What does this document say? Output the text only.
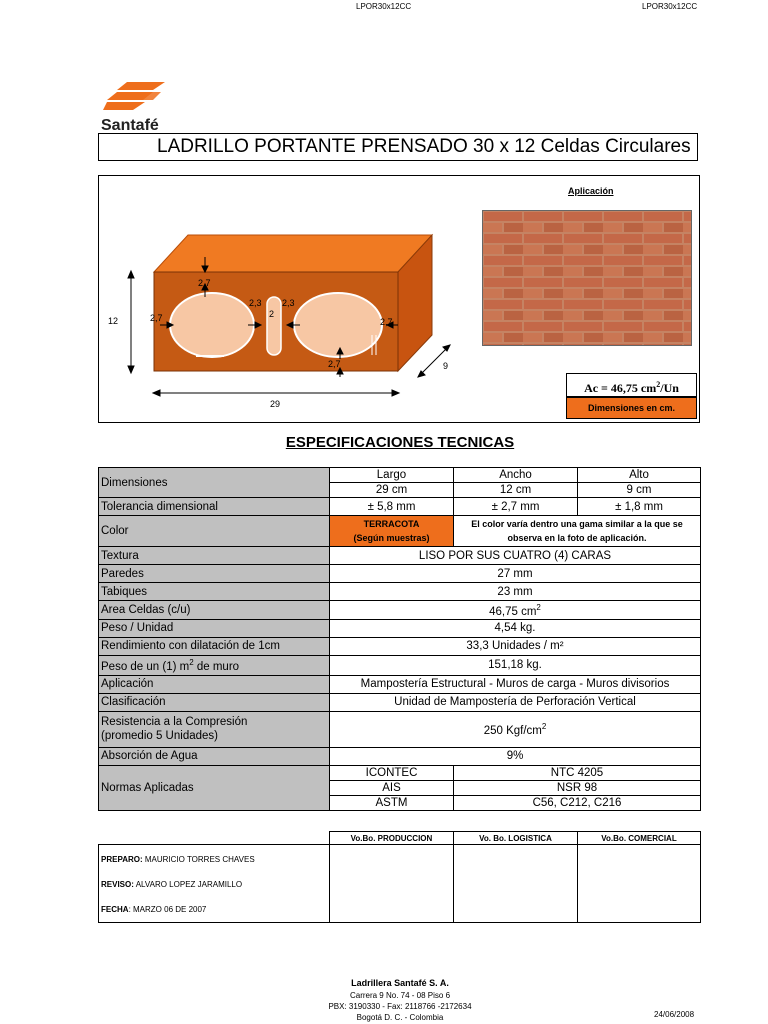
LPOR30x12CC	LPOR30x12CC
Santafé
LADRILLO PORTANTE PRENSADO 30 x 12 Celdas Circulares
12
29
9
2,7
2,7	2,7
2,7
2,3 2,3
2
Aplicación
Ac = 46,75 $cm^2/Un$
Dimensiones en cm.
ESPECIFICACIONES TECNICAS
Dimensiones	Largo	Ancho	Alto
	29 cm	12 cm	9 cm
Tolerancia dimensional	± 5,8 mm	± 2,7 mm	± 1,8 mm
Color	TERRACOTA
(Según muestras)	El color varía dentro una gama similar a la que se observa en la foto de aplicación.	
Textura	LISO POR SUS CUATRO (4) CARAS		
Paredes	27 mm		
Tabiques	23 mm		
Area Celdas (c/u)	46,75 $cm^2$
Peso / Unidad	4,54 kg.		
Rendimiento con dilatación de 1cm	33,3 Unidades / m²		
Peso de un (1) $m^2$ de muro	151,18 kg.		
Aplicación	Mampostería Estructural - Muros de carga - Muros divisorios		
Clasificación	Unidad de Mampostería de Perforación Vertical		

Resistencia a la Compresión
(promedio 5 Unidades)	250 Kgf/$cm^2$
Absorción de Agua	9%		
Normas Aplicadas	ICONTEC	NTC 4205	
	AIS	NSR 98	
	ASTM	C56, C212, C216	
	Vo.Bo. PRODUCCION	Vo. Bo. LOGISTICA	Vo.Bo. COMERCIAL

PREPARO: MAURICIO TORRES CHAVES
REVISO: ALVARO LOPEZ JARAMILLO
FECHA: MARZO 06 DE 2007			

Ladrillera Santafé S. A.
Carrera 9 No. 74 - 08 Piso 6
PBX: 3190330 - Fax: 2118766 -2172634
Bogotá D. C. - Colombia	24/06/2008
